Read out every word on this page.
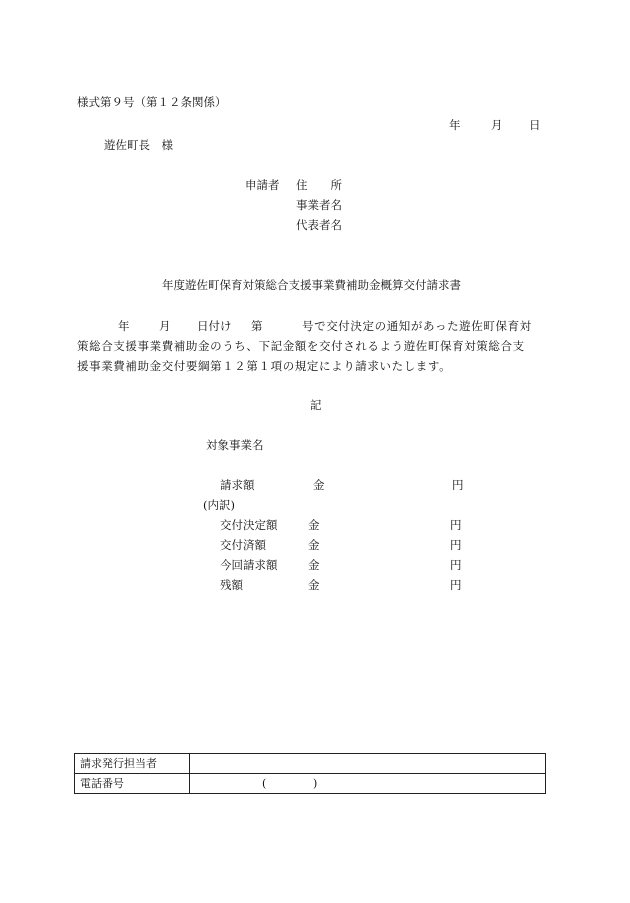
様式第９号（第１２条関係）
年	月 日
遊佐町長　様
申請者 住　　所
事業者名
代表者名
年度遊佐町保育対策総合支援事業費補助金概算交付請求書
年	月 日付け 第	号で交付決定の通知があった遊佐町保育対
策総合支援事業費補助金のうち、下記金額を交付されるよう遊佐町保育対策総合支
援事業費補助金交付要綱第１２第１項の規定により請求いたします。
記
対象事業名
請求額	金	円
(内訳)
交付決定額	金	円
交付済額	金	円
今回請求額	金	円
残額	金	円
請求発行担当者	
電話番号	( )
